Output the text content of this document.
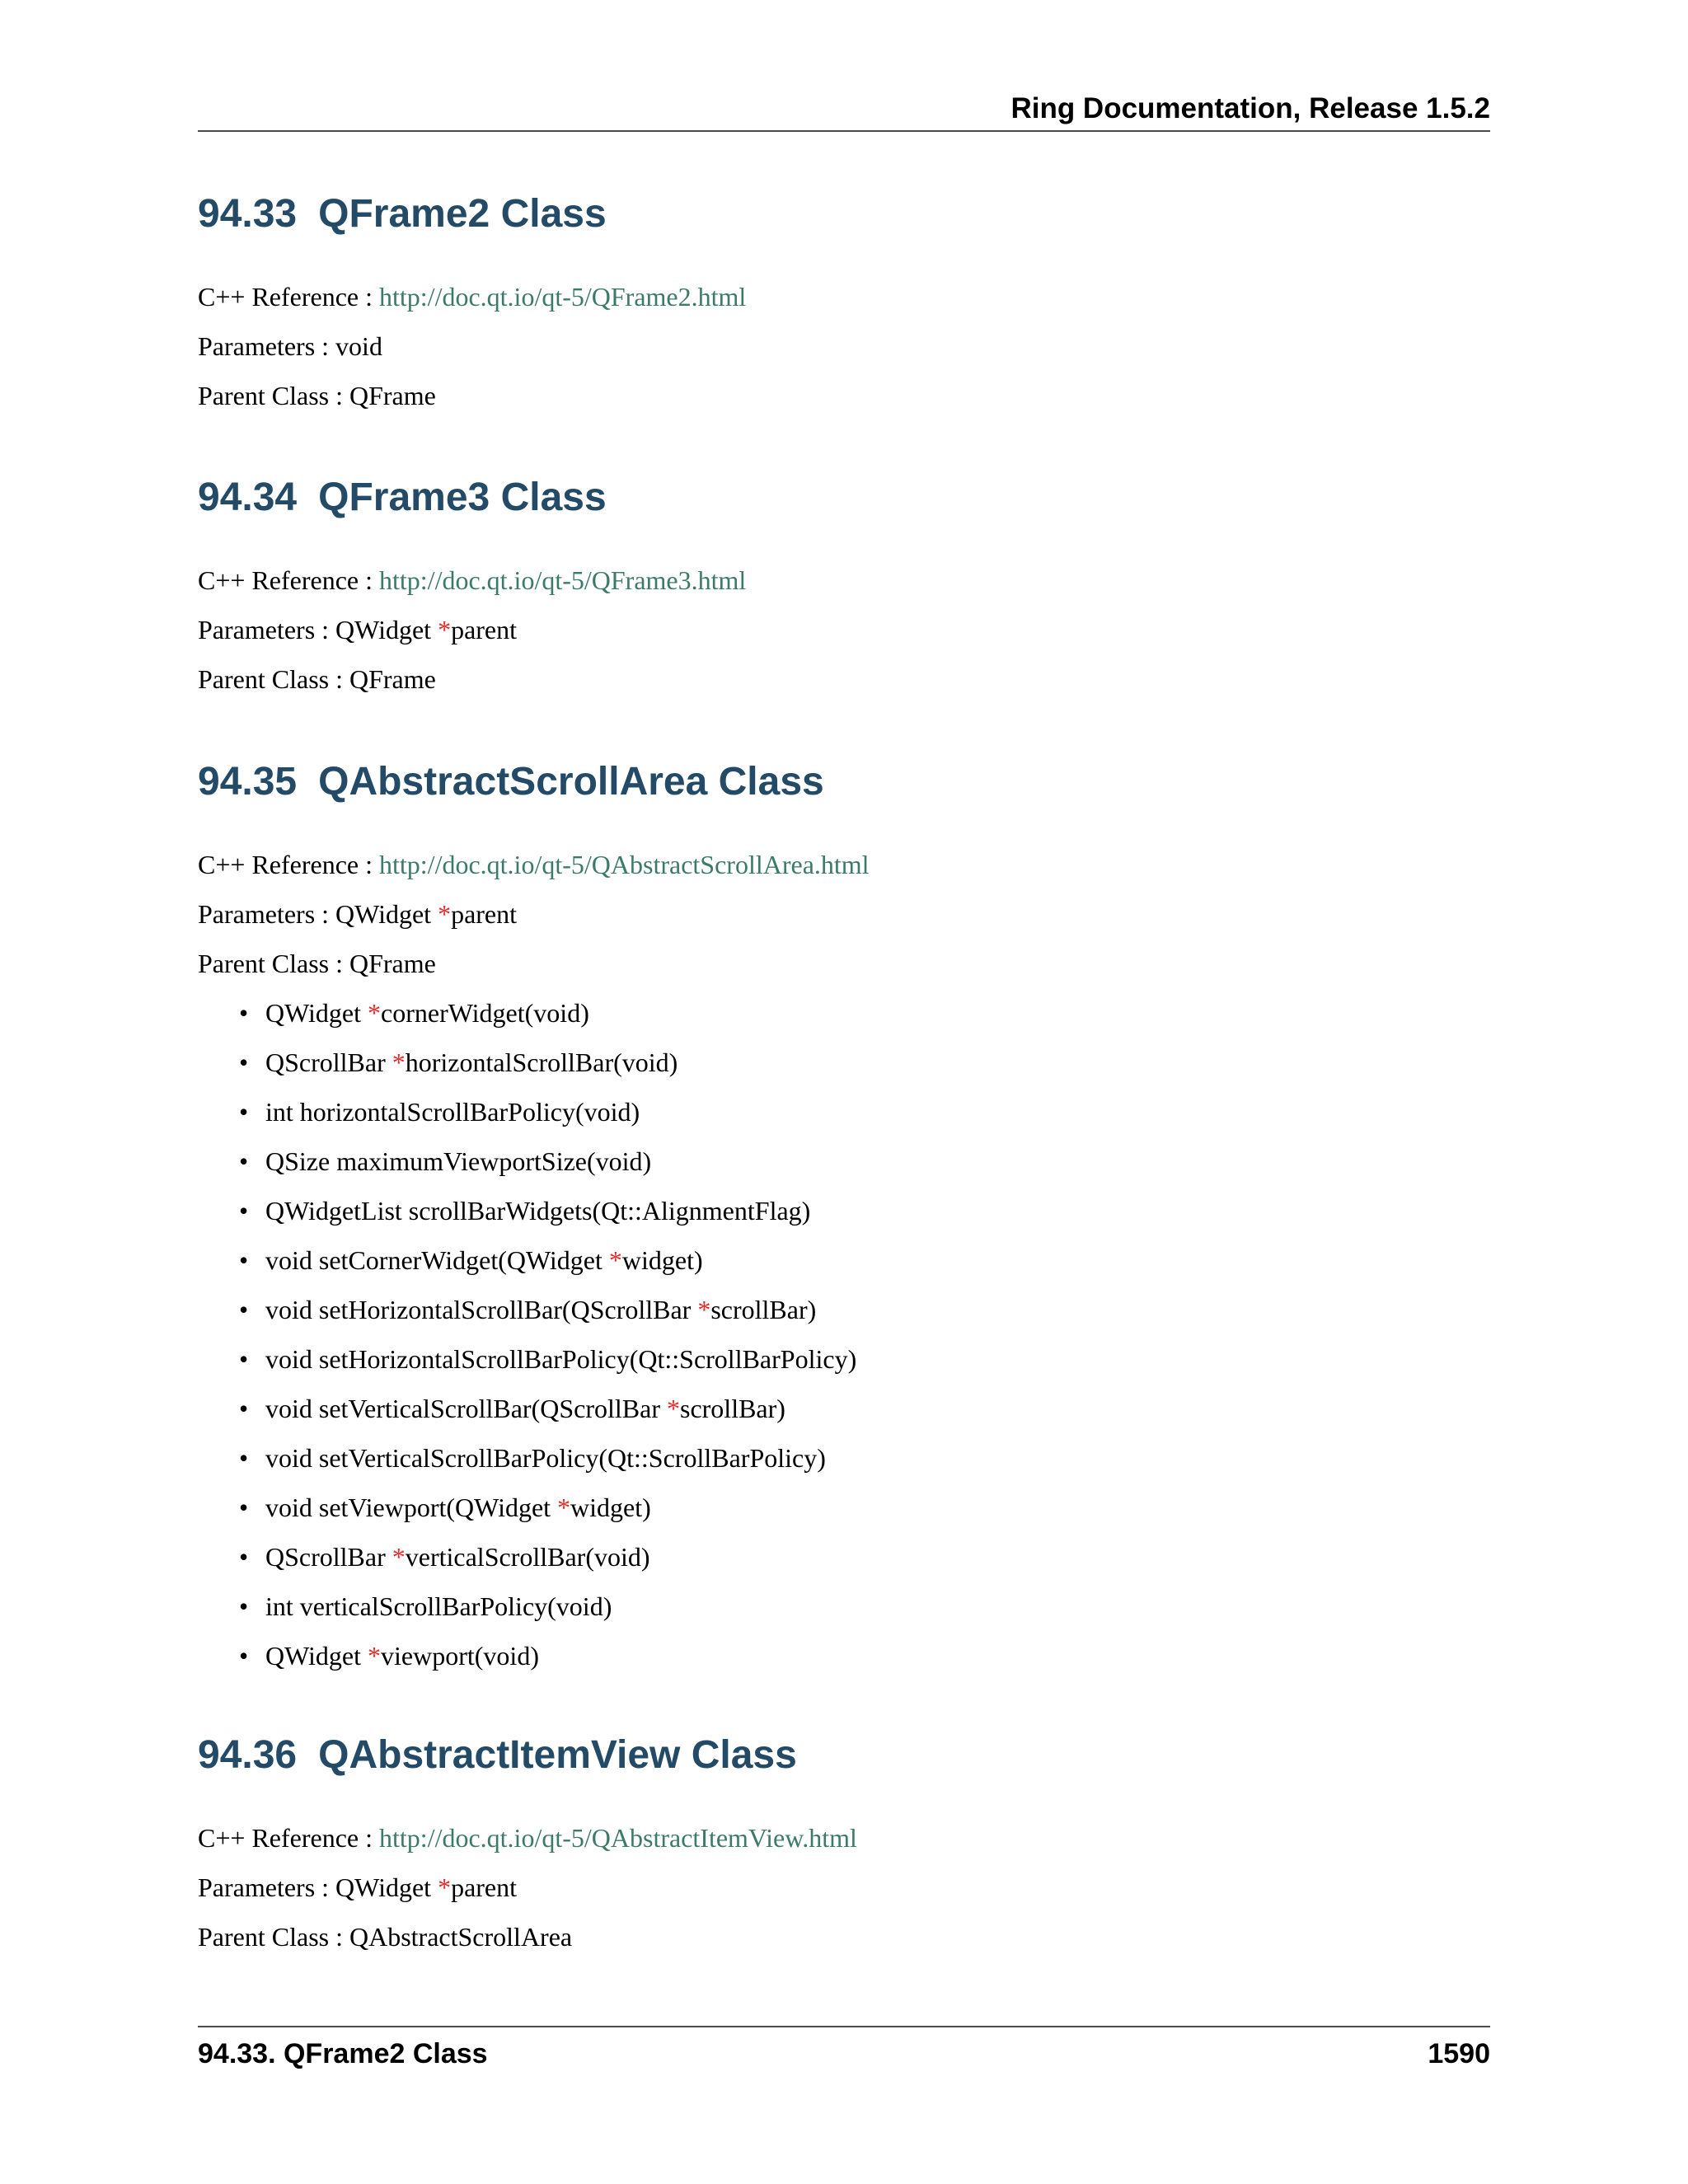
Ring Documentation, Release 1.5.2
94.33 QFrame2 Class
C++ Reference : http://doc.qt.io/qt-5/QFrame2.html
Parameters : void
Parent Class : QFrame
94.34 QFrame3 Class
C++ Reference : http://doc.qt.io/qt-5/QFrame3.html
Parameters : QWidget *parent
Parent Class : QFrame
94.35 QAbstractScrollArea Class
C++ Reference : http://doc.qt.io/qt-5/QAbstractScrollArea.html
Parameters : QWidget *parent
Parent Class : QFrame
• QWidget *cornerWidget(void)
• QScrollBar *horizontalScrollBar(void)
• int horizontalScrollBarPolicy(void)
• QSize maximumViewportSize(void)
• QWidgetList scrollBarWidgets(Qt::AlignmentFlag)
• void setCornerWidget(QWidget *widget)
• void setHorizontalScrollBar(QScrollBar *scrollBar)
• void setHorizontalScrollBarPolicy(Qt::ScrollBarPolicy)
• void setVerticalScrollBar(QScrollBar *scrollBar)
• void setVerticalScrollBarPolicy(Qt::ScrollBarPolicy)
• void setViewport(QWidget *widget)
• QScrollBar *verticalScrollBar(void)
• int verticalScrollBarPolicy(void)
• QWidget *viewport(void)
94.36 QAbstractItemView Class
C++ Reference : http://doc.qt.io/qt-5/QAbstractItemView.html
Parameters : QWidget *parent
Parent Class : QAbstractScrollArea
94.33. QFrame2 Class	1590
